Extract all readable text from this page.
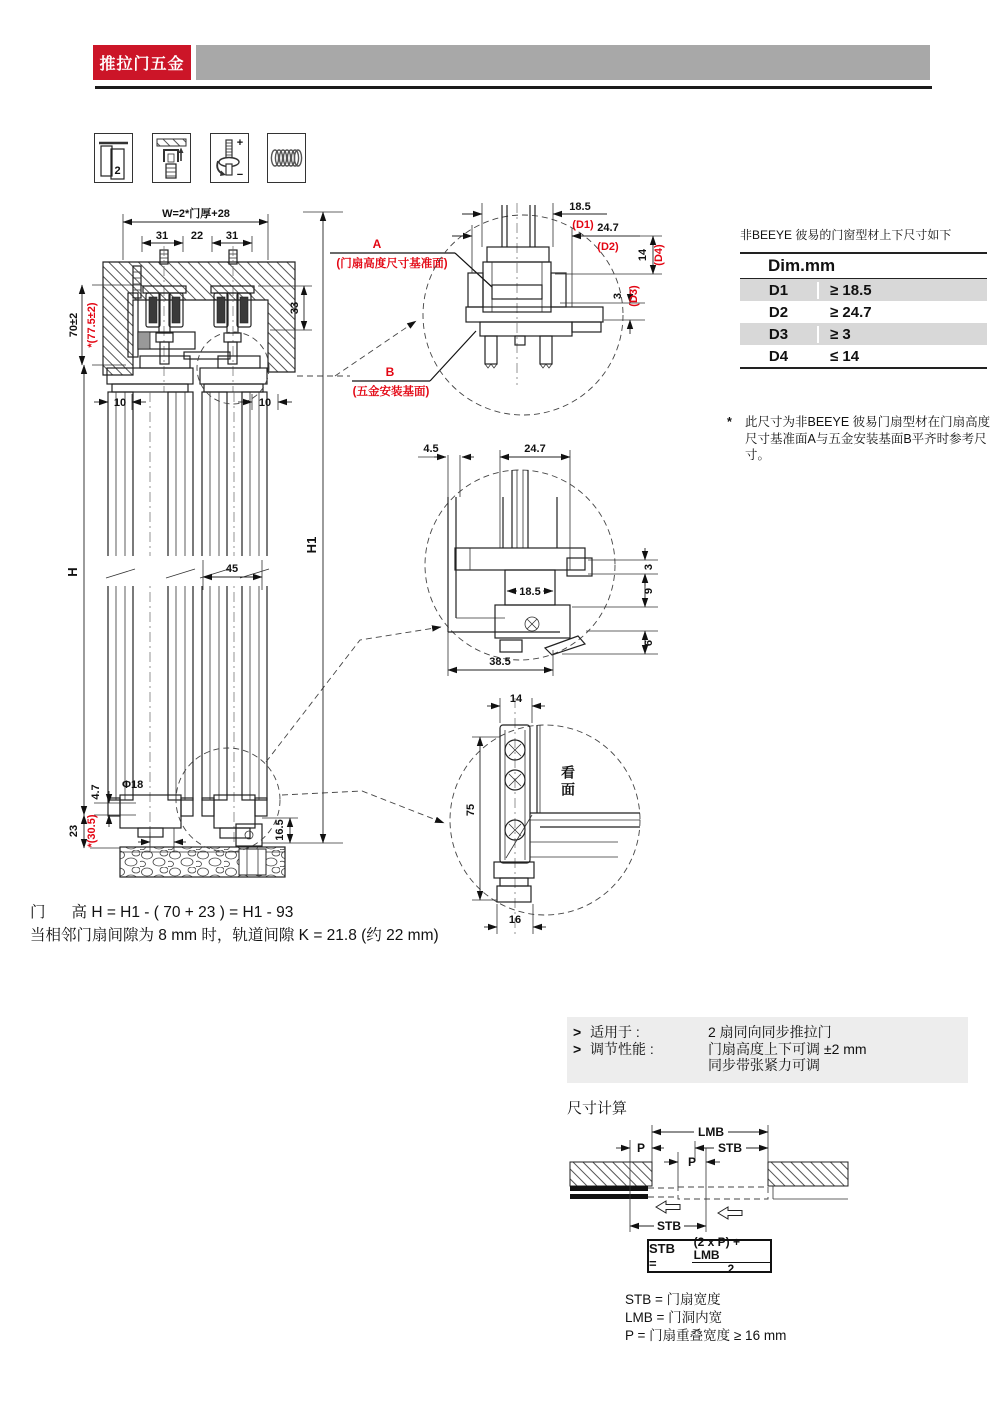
推拉门五金
2
+
−
A
(门扇高度尺寸基准面)
B
(五金安装基面)
W=2*门厚+28
31 22 31
70±2 *(77.5±2)	33
10	10
45
H
H1
4.7 Φ18
23 *(30.5)	16.5
18.5
(D1) 24.7
(D2)
14 (D4)
3 (D3)
4.5	24.7
18.5
3
9
6
38.5
看面
14
75
16
LMB
P	STB
P
STB
非BEEYE 彼易的门窗型材上下尺寸如下
Dim.mm
D1	≥ 18.5
D2	≥ 24.7
D3	≥ 3
D4	≤ 14
*	此尺寸为非BEEYE 彼易门扇型材在门扇高度尺寸基准面A与五金安装基面B平齐时参考尺寸。
门 高 H = H1 - ( 70 + 23 ) = H1 - 93
当相邻门扇间隙为 8 mm 时，轨道间隙 K = 21.8 (约 22 mm)
> 适用于 :	2 扇同向同步推拉门
> 调节性能 :	门扇高度上下可调 ±2 mm
同步带张紧力可调
尺寸计算
STB =	$\frac{\text{(2 x P) + LMB}}{2}$
STB = 门扇宽度
LMB = 门洞内宽
P = 门扇重叠宽度 ≥ 16 mm
